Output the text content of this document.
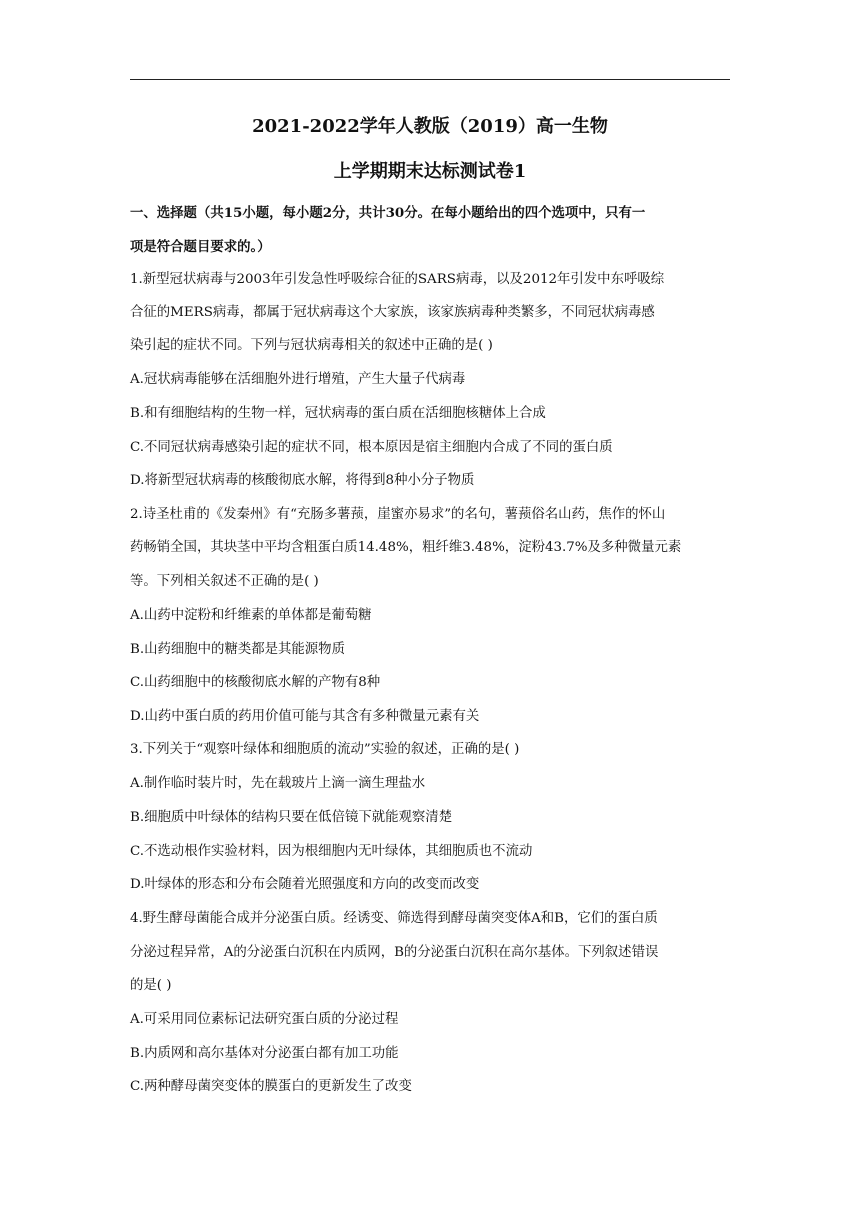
2021-2022学年人教版（2019）高一生物
上学期期末达标测试卷1
一、选择题（共15小题，每小题2分，共计30分。在每小题给出的四个选项中，只有一
项是符合题目要求的。）
1.新型冠状病毒与2003年引发急性呼吸综合征的SARS病毒，以及2012年引发中东呼吸综
合征的MERS病毒，都属于冠状病毒这个大家族，该家族病毒种类繁多，不同冠状病毒感
染引起的症状不同。下列与冠状病毒相关的叙述中正确的是( )
A.冠状病毒能够在活细胞外进行增殖，产生大量子代病毒
B.和有细胞结构的生物一样，冠状病毒的蛋白质在活细胞核糖体上合成
C.不同冠状病毒感染引起的症状不同，根本原因是宿主细胞内合成了不同的蛋白质
D.将新型冠状病毒的核酸彻底水解，将得到8种小分子物质
2.诗圣杜甫的《发秦州》有“充肠多薯蓣，崖蜜亦易求”的名句，薯蓣俗名山药，焦作的怀山
药畅销全国，其块茎中平均含粗蛋白质14.48%，粗纤维3.48%，淀粉43.7%及多种微量元素
等。下列相关叙述不正确的是( )
A.山药中淀粉和纤维素的单体都是葡萄糖
B.山药细胞中的糖类都是其能源物质
C.山药细胞中的核酸彻底水解的产物有8种
D.山药中蛋白质的药用价值可能与其含有多种微量元素有关
3.下列关于“观察叶绿体和细胞质的流动”实验的叙述，正确的是( )
A.制作临时装片时，先在载玻片上滴一滴生理盐水
B.细胞质中叶绿体的结构只要在低倍镜下就能观察清楚
C.不选动根作实验材料，因为根细胞内无叶绿体，其细胞质也不流动
D.叶绿体的形态和分布会随着光照强度和方向的改变而改变
4.野生酵母菌能合成并分泌蛋白质。经诱变、筛选得到酵母菌突变体A和B，它们的蛋白质
分泌过程异常，A的分泌蛋白沉积在内质网，B的分泌蛋白沉积在高尔基体。下列叙述错误
的是( )
A.可采用同位素标记法研究蛋白质的分泌过程
B.内质网和高尔基体对分泌蛋白都有加工功能
C.两种酵母菌突变体的膜蛋白的更新发生了改变
